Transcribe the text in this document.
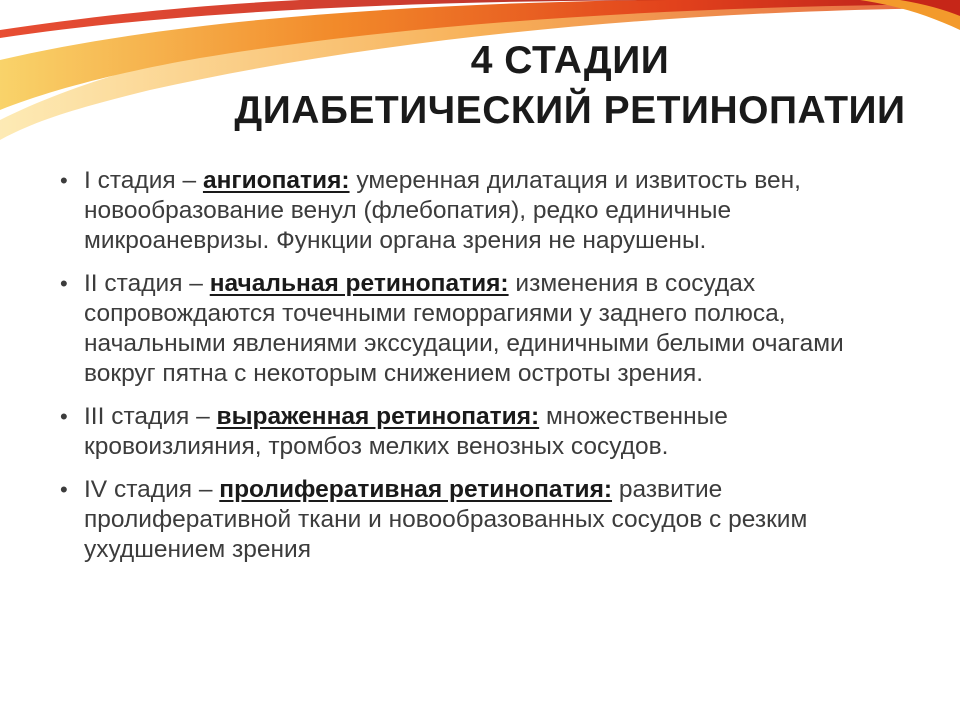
4 СТАДИИ
ДИАБЕТИЧЕСКИЙ РЕТИНОПАТИИ
• I стадия – ангиопатия: умеренная дилатация и извитость вен, новообразование венул (флебопатия), редко единичные микроаневризы. Функции органа зрения не нарушены.
• II стадия – начальная ретинопатия: изменения в сосудах сопровождаются точечными геморрагиями у заднего полюса, начальными явлениями экссудации, единичными белыми очагами вокруг пятна с некоторым снижением остроты зрения.
• III стадия – выраженная ретинопатия: множественные кровоизлияния, тромбоз мелких венозных сосудов.
• IV стадия – пролиферативная ретинопатия: развитие пролиферативной ткани и новообразованных сосудов с резким ухудшением зрения
